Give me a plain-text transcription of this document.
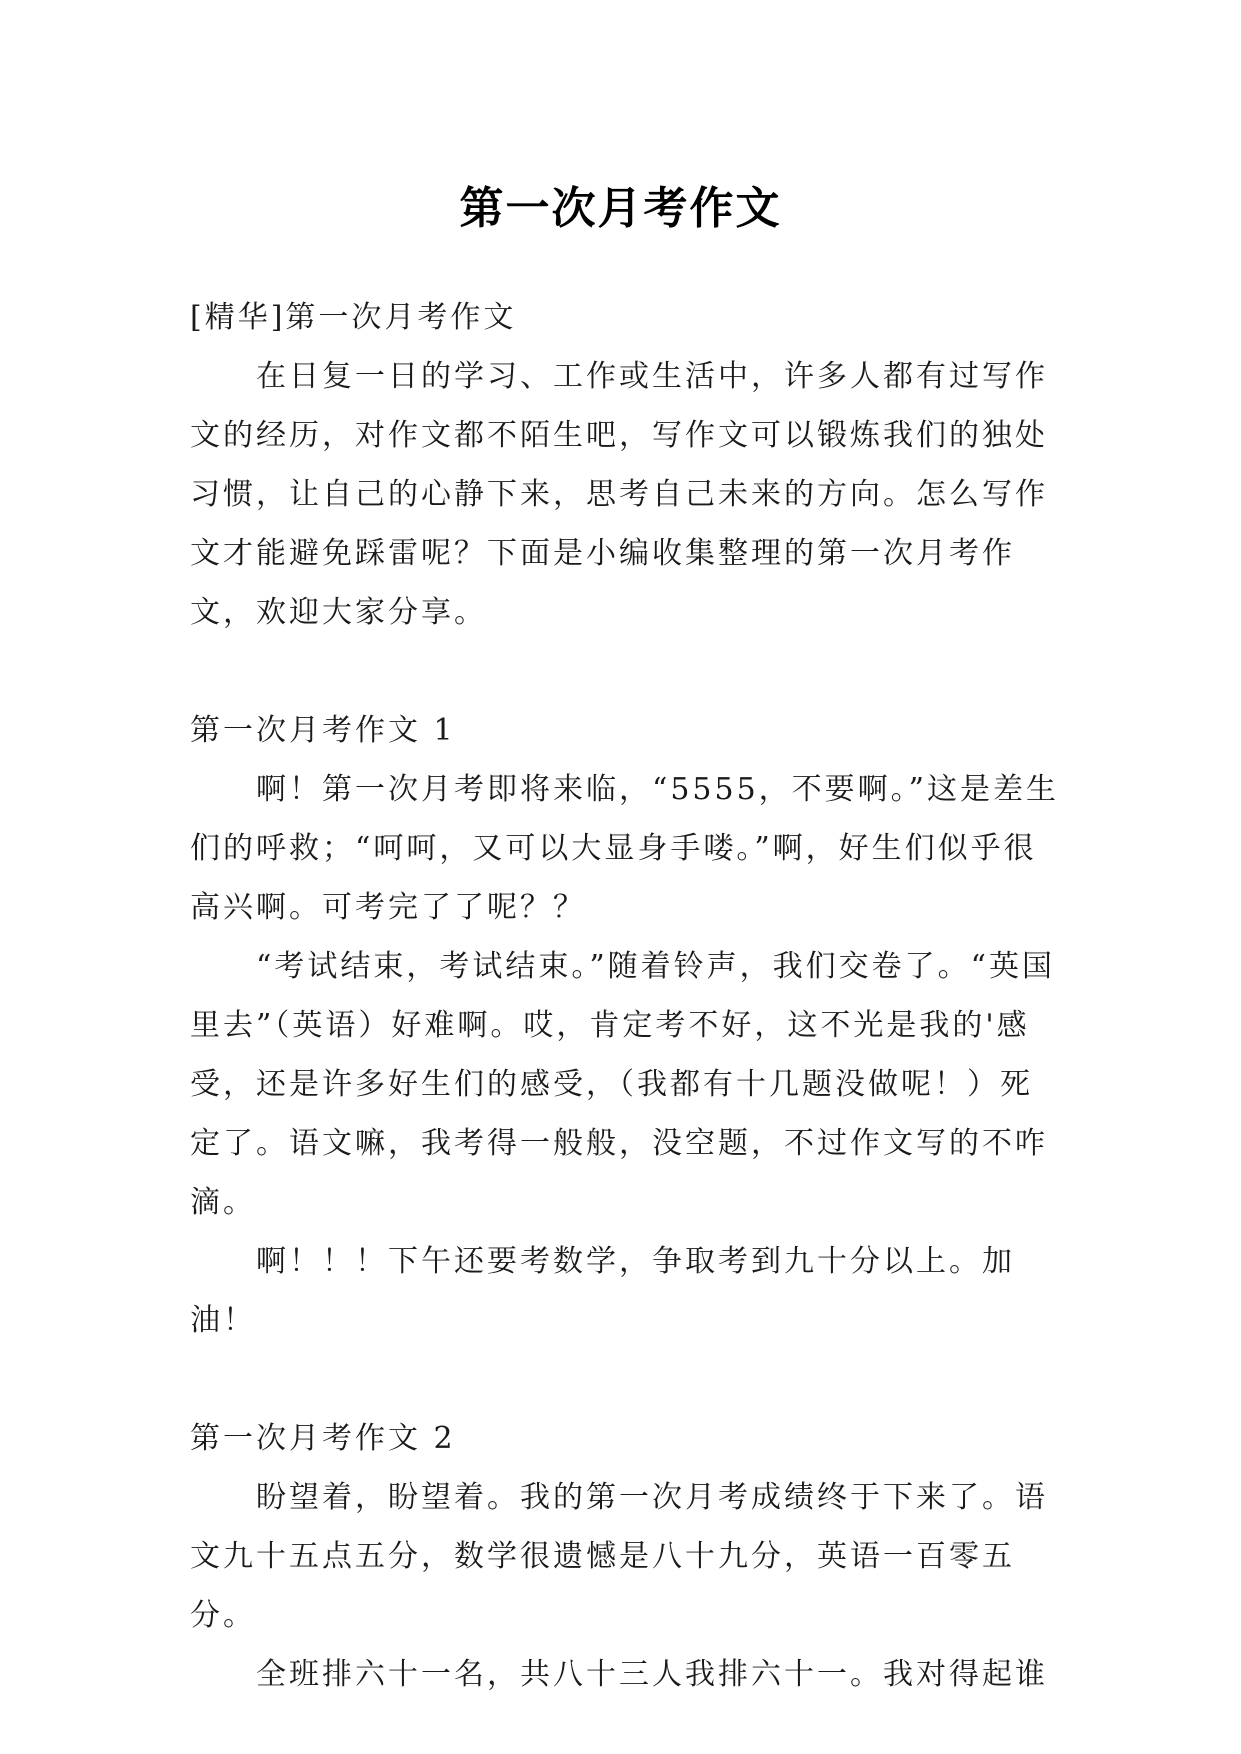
第一次月考作文

[精华]第一次月考作文

在日复一日的学习、工作或生活中，许多人都有过写作文的经历，对作文都不陌生吧，写作文可以锻炼我们的独处习惯，让自己的心静下来，思考自己未来的方向。怎么写作文才能避免踩雷呢？下面是小编收集整理的第一次月考作文，欢迎大家分享。

第一次月考作文 1

啊！第一次月考即将来临，“5555，不要啊。”这是差生们的呼救；“呵呵，又可以大显身手喽。”啊，好生们似乎很高兴啊。可考完了了呢？？

“考试结束，考试结束。”随着铃声，我们交卷了。“英国里去”（英语）好难啊。哎，肯定考不好，这不光是我的'感受，还是许多好生们的感受，（我都有十几题没做呢！）死定了。语文嘛，我考得一般般，没空题，不过作文写的不咋滴。

啊！！！下午还要考数学，争取考到九十分以上。加油！

第一次月考作文 2

盼望着，盼望着。我的第一次月考成绩终于下来了。语文九十五点五分，数学很遗憾是八十九分，英语一百零五分。

全班排六十一名，共八十三人我排六十一。我对得起谁
